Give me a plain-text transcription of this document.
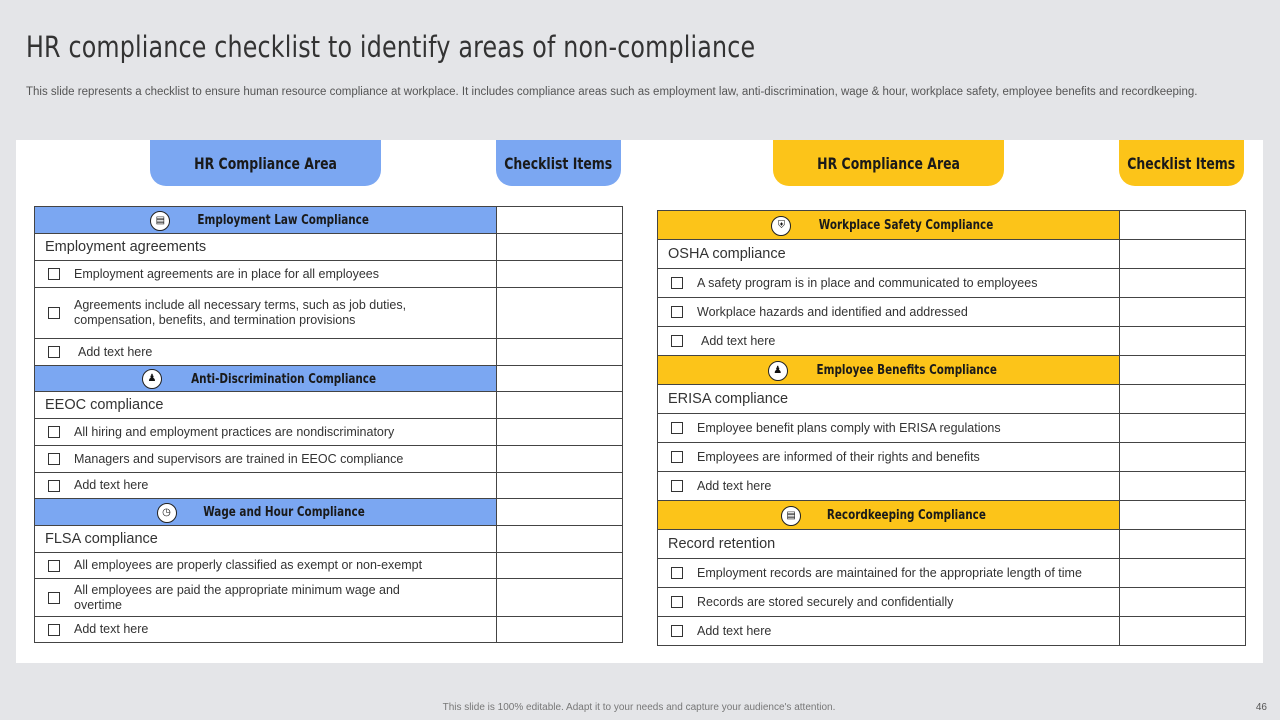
HR compliance checklist to identify areas of non-compliance
This slide represents a checklist to ensure human resource compliance at workplace. It includes compliance areas such as employment law, anti-discrimination, wage & hour, workplace safety, employee benefits and recordkeeping.
HR Compliance Area	Checklist Items	HR Compliance Area	Checklist Items
▤ Employment Law Compliance	

Employment agreements	

Employment agreements are in place for all employees	

Agreements include all necessary terms, such as job duties, compensation, benefits, and termination provisions	

Add text here	

♟ Anti-Discrimination Compliance	

EEOC compliance	

All hiring and employment practices are nondiscriminatory	

Managers and supervisors are trained in EEOC compliance	

Add text here	

◷ Wage and Hour Compliance	

FLSA compliance	

All employees are properly classified as exempt or non-exempt	

All employees are paid the appropriate minimum wage and overtime	

Add text here	

⛨ Workplace Safety Compliance	

OSHA compliance	

A safety program is in place and communicated to employees	

Workplace hazards and identified and addressed	

Add text here	

♟ Employee Benefits Compliance	

ERISA compliance	

Employee benefit plans comply with ERISA regulations	

Employees are informed of their rights and benefits	

Add text here	

▤ Recordkeeping Compliance	

Record retention	

Employment records are maintained for the appropriate length of time	

Records are stored securely and confidentially	

Add text here	

This slide is 100% editable. Adapt it to your needs and capture your audience's attention.	46
